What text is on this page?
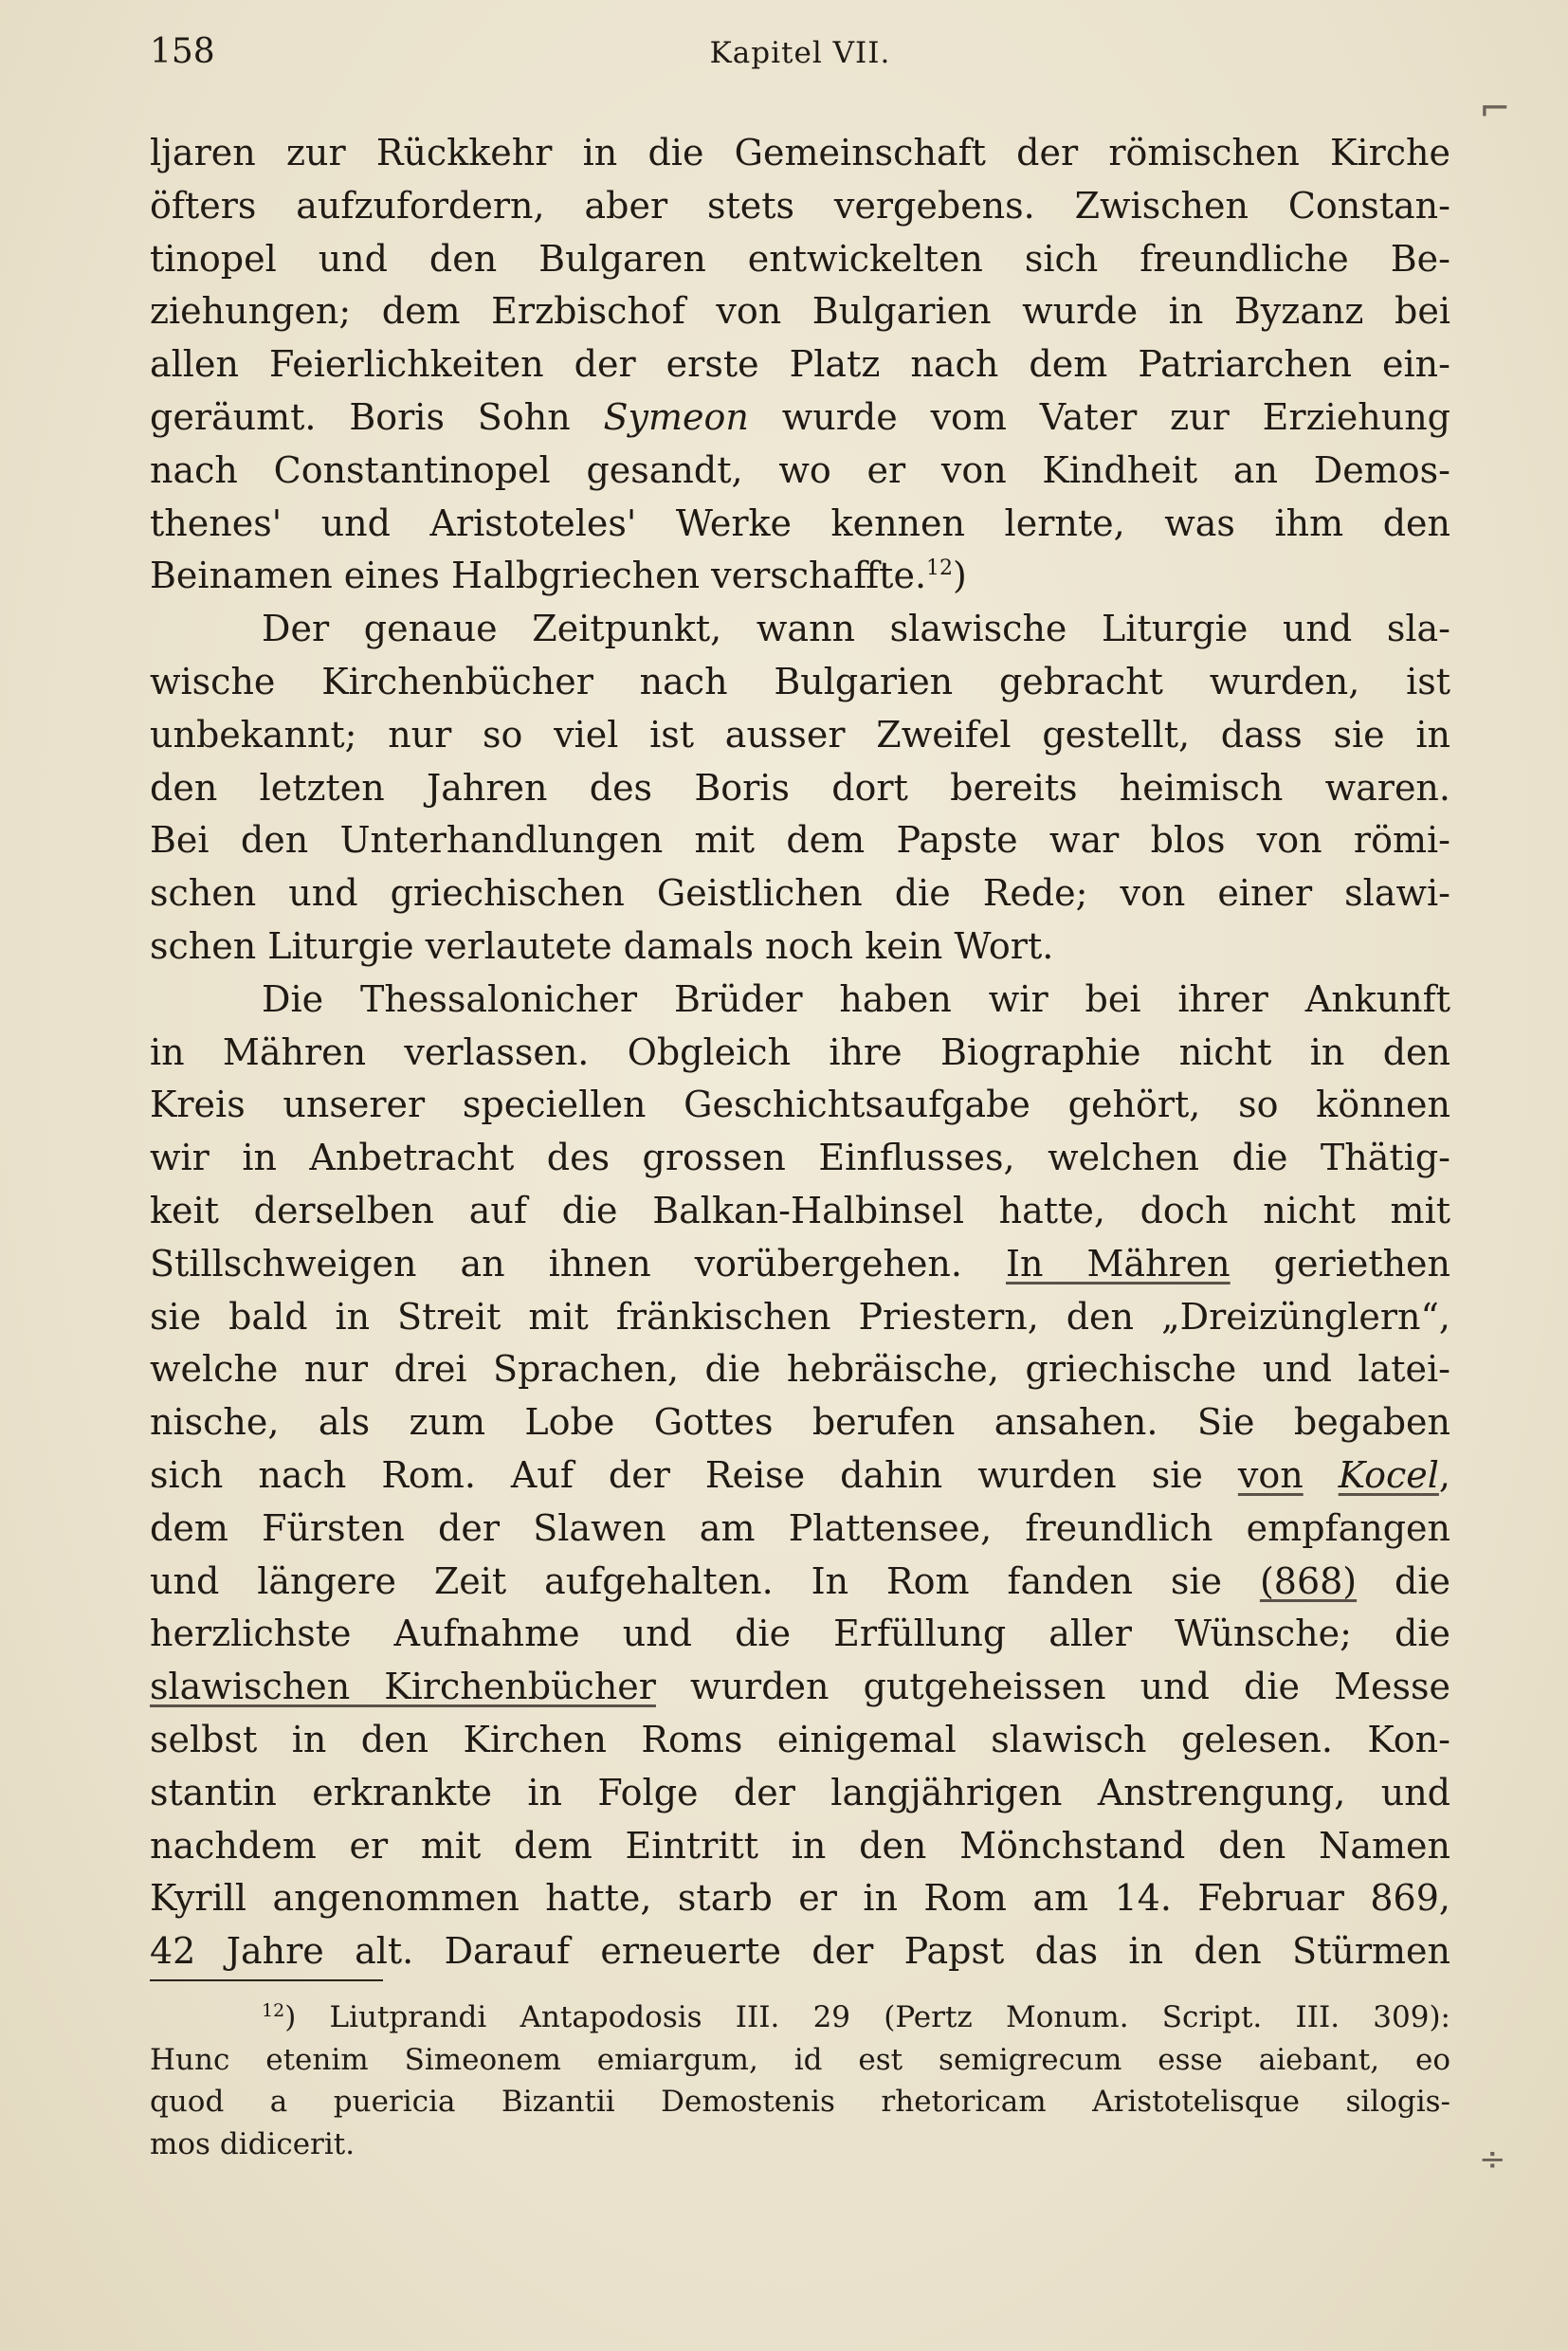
158	Kapitel VII.
ljaren zur Rückkehr in die Gemeinschaft der römischen Kirche
öfters aufzufordern, aber stets vergebens. Zwischen Constan-
tinopel und den Bulgaren entwickelten sich freundliche Be-
ziehungen; dem Erzbischof von Bulgarien wurde in Byzanz bei
allen Feierlichkeiten der erste Platz nach dem Patriarchen ein-
geräumt. Boris Sohn Symeon wurde vom Vater zur Erziehung
nach Constantinopel gesandt, wo er von Kindheit an Demos-
thenes' und Aristoteles' Werke kennen lernte, was ihm den
Beinamen eines Halbgriechen verschaffte.$^{12}$)
Der genaue Zeitpunkt, wann slawische Liturgie und sla-
wische Kirchenbücher nach Bulgarien gebracht wurden, ist
unbekannt; nur so viel ist ausser Zweifel gestellt, dass sie in
den letzten Jahren des Boris dort bereits heimisch waren.
Bei den Unterhandlungen mit dem Papste war blos von römi-
schen und griechischen Geistlichen die Rede; von einer slawi-
schen Liturgie verlautete damals noch kein Wort.
Die Thessalonicher Brüder haben wir bei ihrer Ankunft
in Mähren verlassen. Obgleich ihre Biographie nicht in den
Kreis unserer speciellen Geschichtsaufgabe gehört, so können
wir in Anbetracht des grossen Einflusses, welchen die Thätig-
keit derselben auf die Balkan-Halbinsel hatte, doch nicht mit
Stillschweigen an ihnen vorübergehen. In Mähren geriethen
sie bald in Streit mit fränkischen Priestern, den „Dreizünglern“,
welche nur drei Sprachen, die hebräische, griechische und latei-
nische, als zum Lobe Gottes berufen ansahen. Sie begaben
sich nach Rom. Auf der Reise dahin wurden sie von Kocel,
dem Fürsten der Slawen am Plattensee, freundlich empfangen
und längere Zeit aufgehalten. In Rom fanden sie (868) die
herzlichste Aufnahme und die Erfüllung aller Wünsche; die
slawischen Kirchenbücher wurden gutgeheissen und die Messe
selbst in den Kirchen Roms einigemal slawisch gelesen. Kon-
stantin erkrankte in Folge der langjährigen Anstrengung, und
nachdem er mit dem Eintritt in den Mönchstand den Namen
Kyrill angenommen hatte, starb er in Rom am 14. Februar 869,
42 Jahre alt. Darauf erneuerte der Papst das in den Stürmen
$^{12}$) Liutprandi Antapodosis III. 29 (Pertz Monum. Script. III. 309):
Hunc etenim Simeonem emiargum, id est semigrecum esse aiebant, eo
quod a puericia Bizantii Demostenis rhetoricam Aristotelisque silogis-
mos didicerit.
⌐
÷
